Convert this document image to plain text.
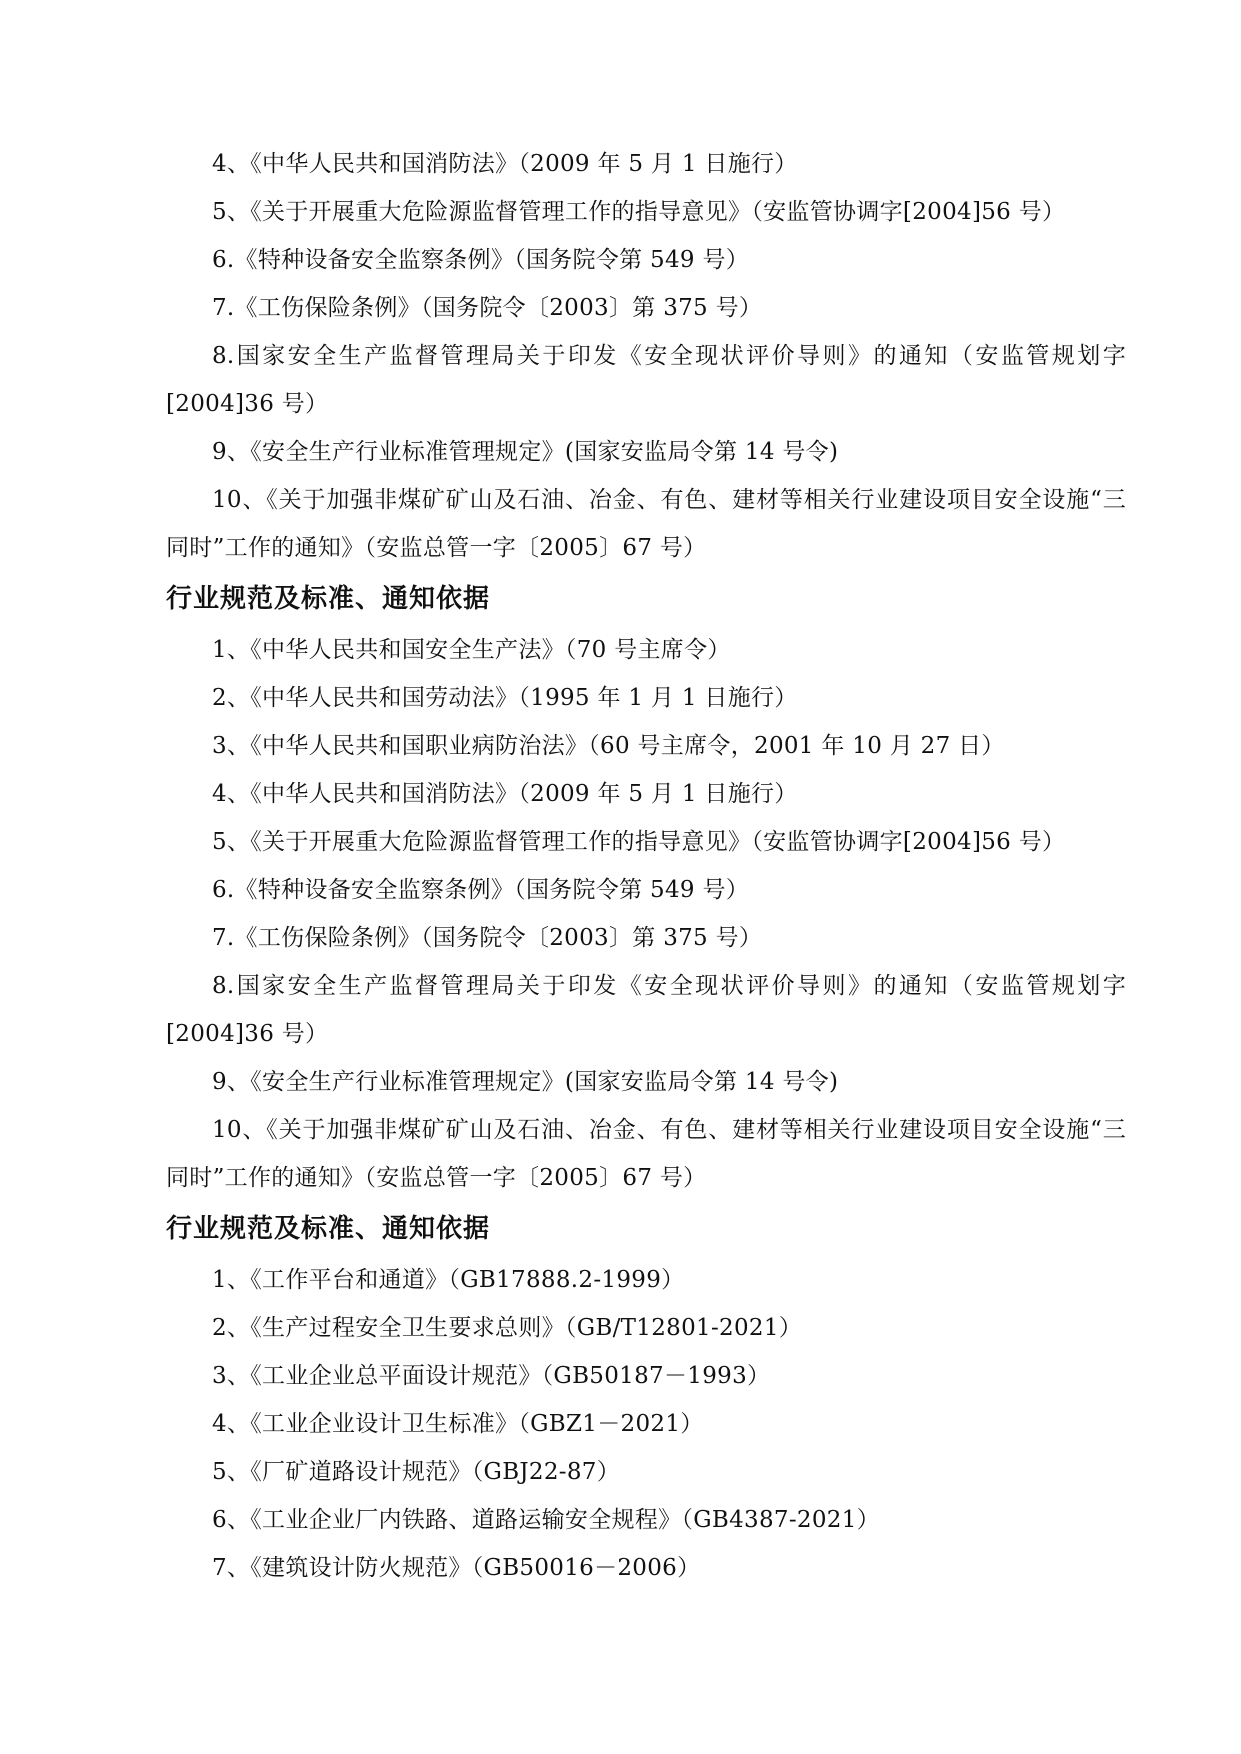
4、《中华人民共和国消防法》（2009 年 5 月 1 日施行）

5、《关于开展重大危险源监督管理工作的指导意见》（安监管协调字[2004]56 号）

6.《特种设备安全监察条例》（国务院令第 549 号）

7.《工伤保险条例》（国务院令〔2003〕第 375 号）

8.国家安全生产监督管理局关于印发《安全现状评价导则》的通知（安监管规划字[2004]36 号）

9、《安全生产行业标准管理规定》(国家安监局令第 14 号令)

10、《关于加强非煤矿矿山及石油、冶金、有色、建材等相关行业建设项目安全设施“三同时”工作的通知》（安监总管一字〔2005〕67 号）

行业规范及标准、通知依据

1、《中华人民共和国安全生产法》（70 号主席令）

2、《中华人民共和国劳动法》（1995 年 1 月 1 日施行）

3、《中华人民共和国职业病防治法》（60 号主席令，2001 年 10 月 27 日）

4、《中华人民共和国消防法》（2009 年 5 月 1 日施行）

5、《关于开展重大危险源监督管理工作的指导意见》（安监管协调字[2004]56 号）

6.《特种设备安全监察条例》（国务院令第 549 号）

7.《工伤保险条例》（国务院令〔2003〕第 375 号）

8.国家安全生产监督管理局关于印发《安全现状评价导则》的通知（安监管规划字[2004]36 号）

9、《安全生产行业标准管理规定》(国家安监局令第 14 号令)

10、《关于加强非煤矿矿山及石油、冶金、有色、建材等相关行业建设项目安全设施“三同时”工作的通知》（安监总管一字〔2005〕67 号）

行业规范及标准、通知依据

1、《工作平台和通道》（GB17888.2-1999）

2、《生产过程安全卫生要求总则》（GB/T12801-2021）

3、《工业企业总平面设计规范》（GB50187－1993）

4、《工业企业设计卫生标准》（GBZ1－2021）

5、《厂矿道路设计规范》（GBJ22-87）

6、《工业企业厂内铁路、道路运输安全规程》（GB4387-2021）

7、《建筑设计防火规范》（GB50016－2006）
